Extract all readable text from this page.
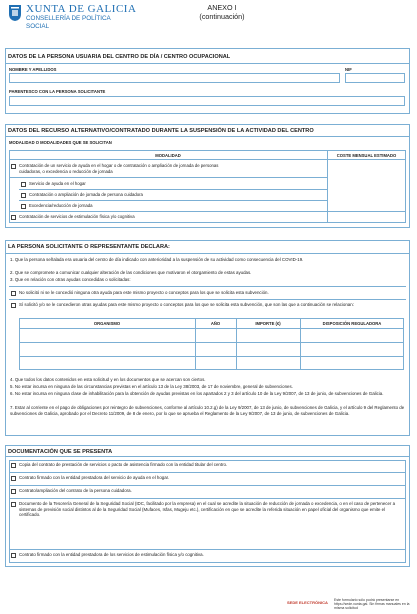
XUNTA DE GALICIA
CONSELLERÍA DE POLÍTICA
SOCIAL
ANEXO I
(continuación)
DATOS DE LA PERSONA USUARIA DEL CENTRO DE DÍA / CENTRO OCUPACIONAL
NOMBRE Y APELLIDOS	NIF
PARENTESCO CON LA PERSONA SOLICITANTE
DATOS DEL RECURSO ALTERNATIVO/CONTRATADO DURANTE LA SUSPENSIÓN DE LA ACTIVIDAD DEL CENTRO
MODALIDAD O MODALIDADES QUE SE SOLICITAN
MODALIDAD	COSTE MENSUAL ESTIMADO
Contratación de un servicio de ayuda en el hogar o de contratación o ampliación de jornada de personas
cuidadoras, o excedencia o reducción de jornada
Servicio de ayuda en el hogar
Contratación o ampliación de jornada de persona cuidadora
Excedencia/reducción de jornada
Contratación de servicios de estimulación física y/o cognitiva
LA PERSONA SOLICITANTE O REPRESENTANTE DECLARA:
1. Que la persona señalada era usuaria del centro de día indicado con anterioridad a la suspensión de su actividad como consecuencia del COVID-19.
2. Que se compromete a comunicar cualquier alteración de las condiciones que motivaron el otorgamiento de estas ayudas.
3. Que en relación con otras ayudas concedidas o solicitadas:
No solicitó ni se le concedió ninguna otra ayuda para este mismo proyecto o conceptos para los que se solicita esta subvención.
Sí solicitó y/o se le concedieron otras ayudas para este mismo proyecto o conceptos para los que se solicita esta subvención, que son las que a continuación se relacionan:
ORGANISMO	AÑO	IMPORTE (€)	DISPOSICIÓN REGULADORA
4. Que todos los datos contenidos en esta solicitud y en los documentos que se acercan son ciertos.
5. No estar incursa en ninguna de las circunstancias previstas en el artículo 13 de la Ley 38/2003, de 17 de noviembre, general de subvenciones.
6. No estar incursa en ninguna clase de inhabilitación para la obtención de ayudas previstas en los apartados 2 y 3 del artículo 10 de la Ley 9/2007, de 13 de junio, de subvenciones de Galicia.
7. Estar al corriente en el pago de obligaciones por reintegro de subvenciones, conforme al artículo 10.2.g) de la Ley 9/2007, de 13 de junio, de subvenciones de Galicia, y el artículo 9 del Reglamento de subvenciones de Galicia, aprobado por el Decreto 11/2009, de 8 de enero, por lo que se aprueba el Reglamento de la Ley 9/2007, de 13 de junio, de subvenciones de Galicia.
DOCUMENTACIÓN QUE SE PRESENTA
Copia del contrato de prestación de servicios o pacto de asistencia firmado con la entidad titular del centro.
Contrato firmado con la entidad prestadora del servicio de ayuda en el hogar.
Contrato/ampliación del contrato de la persona cuidadora.
Documento de la Tesorería General de la Seguridad Social (IDC, facilitado por la empresa) en el cual se acredite la situación de reducción de jornada o excedencia, o en el caso de pertenecer a sistemas de previsión social distintos al de la Seguridad Social (Mufaces, Isfas, Mugeju etc.), certificación en que se acredite la referida situación en papel oficial del organismo que emite el certificado.
Contrato firmado con la entidad prestadora de los servicios de estimulación física y/o cognitiva.
SEDE ELECTRÓNICA Este formulario sólo podrá presentarse en https://sede.xunta.gal. Sin firmas manuales en la misma solicitud
